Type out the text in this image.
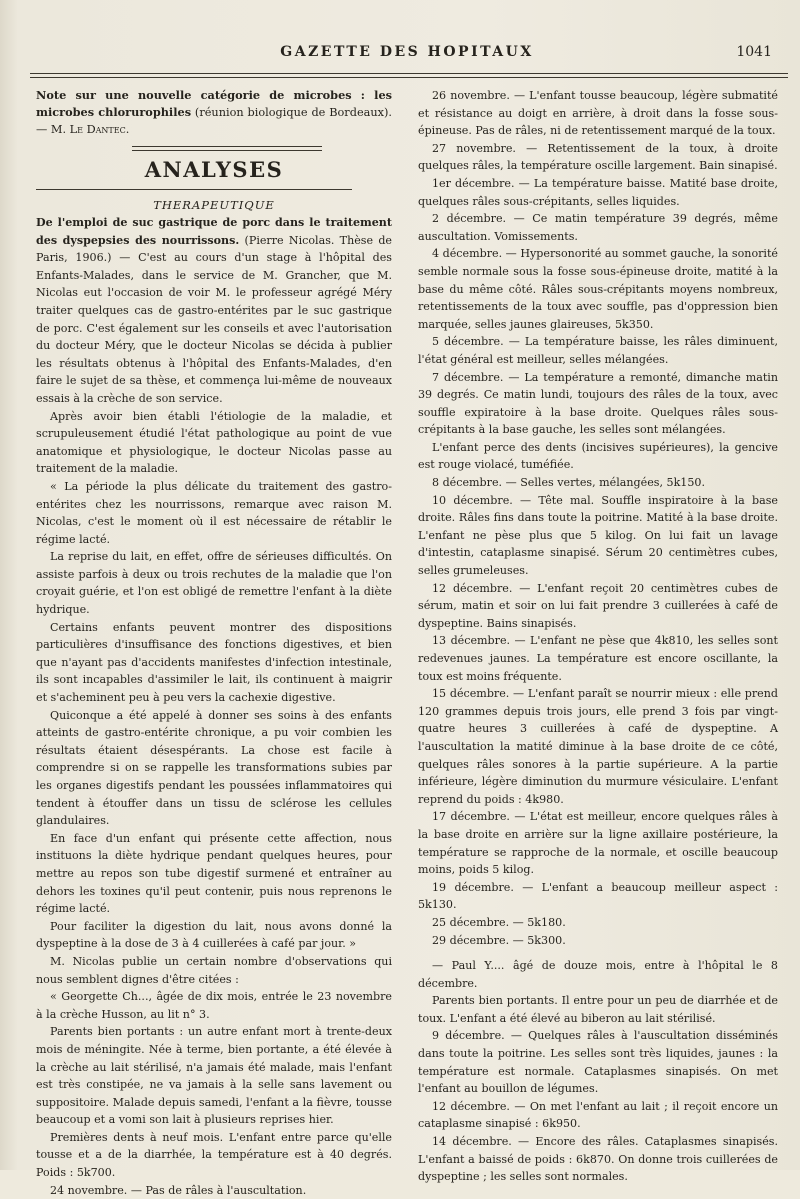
GAZETTE DES HOPITAUX	1041

Note sur une nouvelle catégorie de microbes : les microbes chlorurophiles (réunion biologique de Bordeaux). — M. Le Dantec.

ANALYSES
THERAPEUTIQUE

De l'emploi de suc gastrique de porc dans le traitement des dyspepsies des nourrissons. (Pierre Nicolas. Thèse de Paris, 1906.) — C'est au cours d'un stage à l'hôpital des Enfants-Malades, dans le service de M. Grancher, que M. Nicolas eut l'occasion de voir M. le professeur agrégé Méry traiter quelques cas de gastro-entérites par le suc gastrique de porc. C'est également sur les conseils et avec l'autorisation du docteur Méry, que le docteur Nicolas se décida à publier les résultats obtenus à l'hôpital des Enfants-Malades, d'en faire le sujet de sa thèse, et commença lui-même de nouveaux essais à la crèche de son service.

Après avoir bien établi l'étiologie de la maladie, et scrupuleusement étudié l'état pathologique au point de vue anatomique et physiologique, le docteur Nicolas passe au traitement de la maladie.

« La période la plus délicate du traitement des gastro-entérites chez les nourrissons, remarque avec raison M. Nicolas, c'est le moment où il est nécessaire de rétablir le régime lacté.

La reprise du lait, en effet, offre de sérieuses difficultés. On assiste parfois à deux ou trois rechutes de la maladie que l'on croyait guérie, et l'on est obligé de remettre l'enfant à la diète hydrique.

Certains enfants peuvent montrer des dispositions particulières d'insuffisance des fonctions digestives, et bien que n'ayant pas d'accidents manifestes d'infection intestinale, ils sont incapables d'assimiler le lait, ils continuent à maigrir et s'acheminent peu à peu vers la cachexie digestive.

Quiconque a été appelé à donner ses soins à des enfants atteints de gastro-entérite chronique, a pu voir combien les résultats étaient désespérants. La chose est facile à comprendre si on se rappelle les transformations subies par les organes digestifs pendant les poussées inflammatoires qui tendent à étouffer dans un tissu de sclérose les cellules glandulaires.

En face d'un enfant qui présente cette affection, nous instituons la diète hydrique pendant quelques heures, pour mettre au repos son tube digestif surmené et entraîner au dehors les toxines qu'il peut contenir, puis nous reprenons le régime lacté.

Pour faciliter la digestion du lait, nous avons donné la dyspeptine à la dose de 3 à 4 cuillerées à café par jour. »

M. Nicolas publie un certain nombre d'observations qui nous semblent dignes d'être citées :

« Georgette Ch..., âgée de dix mois, entrée le 23 novembre à la crèche Husson, au lit n° 3.

Parents bien portants : un autre enfant mort à trente-deux mois de méningite. Née à terme, bien portante, a été élevée à la crèche au lait stérilisé, n'a jamais été malade, mais l'enfant est très constipée, ne va jamais à la selle sans lavement ou suppositoire. Malade depuis samedi, l'enfant a la fièvre, tousse beaucoup et a vomi son lait à plusieurs reprises hier.

Premières dents à neuf mois. L'enfant entre parce qu'elle tousse et a de la diarrhée, la température est à 40 degrés. Poids : 5k700.

24 novembre. — Pas de râles à l'auscultation.

26 novembre. — L'enfant tousse beaucoup, légère submatité et résistance au doigt en arrière, à droit dans la fosse sous-épineuse. Pas de râles, ni de retentissement marqué de la toux.

27 novembre. — Retentissement de la toux, à droite quelques râles, la température oscille largement. Bain sinapisé.

1er décembre. — La température baisse. Matité base droite, quelques râles sous-crépitants, selles liquides.

2 décembre. — Ce matin température 39 degrés, même auscultation. Vomissements.

4 décembre. — Hypersonorité au sommet gauche, la sonorité semble normale sous la fosse sous-épineuse droite, matité à la base du même côté. Râles sous-crépitants moyens nombreux, retentissements de la toux avec souffle, pas d'oppression bien marquée, selles jaunes glaireuses, 5k350.

5 décembre. — La température baisse, les râles diminuent, l'état général est meilleur, selles mélangées.

7 décembre. — La température a remonté, dimanche matin 39 degrés. Ce matin lundi, toujours des râles de la toux, avec souffle expiratoire à la base droite. Quelques râles sous-crépitants à la base gauche, les selles sont mélangées.

L'enfant perce des dents (incisives supérieures), la gencive est rouge violacé, tuméfiée.

8 décembre. — Selles vertes, mélangées, 5k150.

10 décembre. — Tête mal. Souffle inspiratoire à la base droite. Râles fins dans toute la poitrine. Matité à la base droite. L'enfant ne pèse plus que 5 kilog. On lui fait un lavage d'intestin, cataplasme sinapisé. Sérum 20 centimètres cubes, selles grumeleuses.

12 décembre. — L'enfant reçoit 20 centimètres cubes de sérum, matin et soir on lui fait prendre 3 cuillerées à café de dyspeptine. Bains sinapisés.

13 décembre. — L'enfant ne pèse que 4k810, les selles sont redevenues jaunes. La température est encore oscillante, la toux est moins fréquente.

15 décembre. — L'enfant paraît se nourrir mieux : elle prend 120 grammes depuis trois jours, elle prend 3 fois par vingt-quatre heures 3 cuillerées à café de dyspeptine. A l'auscultation la matité diminue à la base droite de ce côté, quelques râles sonores à la partie supérieure. A la partie inférieure, légère diminution du murmure vésiculaire. L'enfant reprend du poids : 4k980.

17 décembre. — L'état est meilleur, encore quelques râles à la base droite en arrière sur la ligne axillaire postérieure, la température se rapproche de la normale, et oscille beaucoup moins, poids 5 kilog.

19 décembre. — L'enfant a beaucoup meilleur aspect : 5k130.

25 décembre. — 5k180.

29 décembre. — 5k300.

— Paul Y.... âgé de douze mois, entre à l'hôpital le 8 décembre.

Parents bien portants. Il entre pour un peu de diarrhée et de toux. L'enfant a été élevé au biberon au lait stérilisé.

9 décembre. — Quelques râles à l'auscultation disséminés dans toute la poitrine. Les selles sont très liquides, jaunes : la température est normale. Cataplasmes sinapisés. On met l'enfant au bouillon de légumes.

12 décembre. — On met l'enfant au lait ; il reçoit encore un cataplasme sinapisé : 6k950.

14 décembre. — Encore des râles. Cataplasmes sinapisés. L'enfant a baissé de poids : 6k870. On donne trois cuillerées de dyspeptine ; les selles sont normales.
